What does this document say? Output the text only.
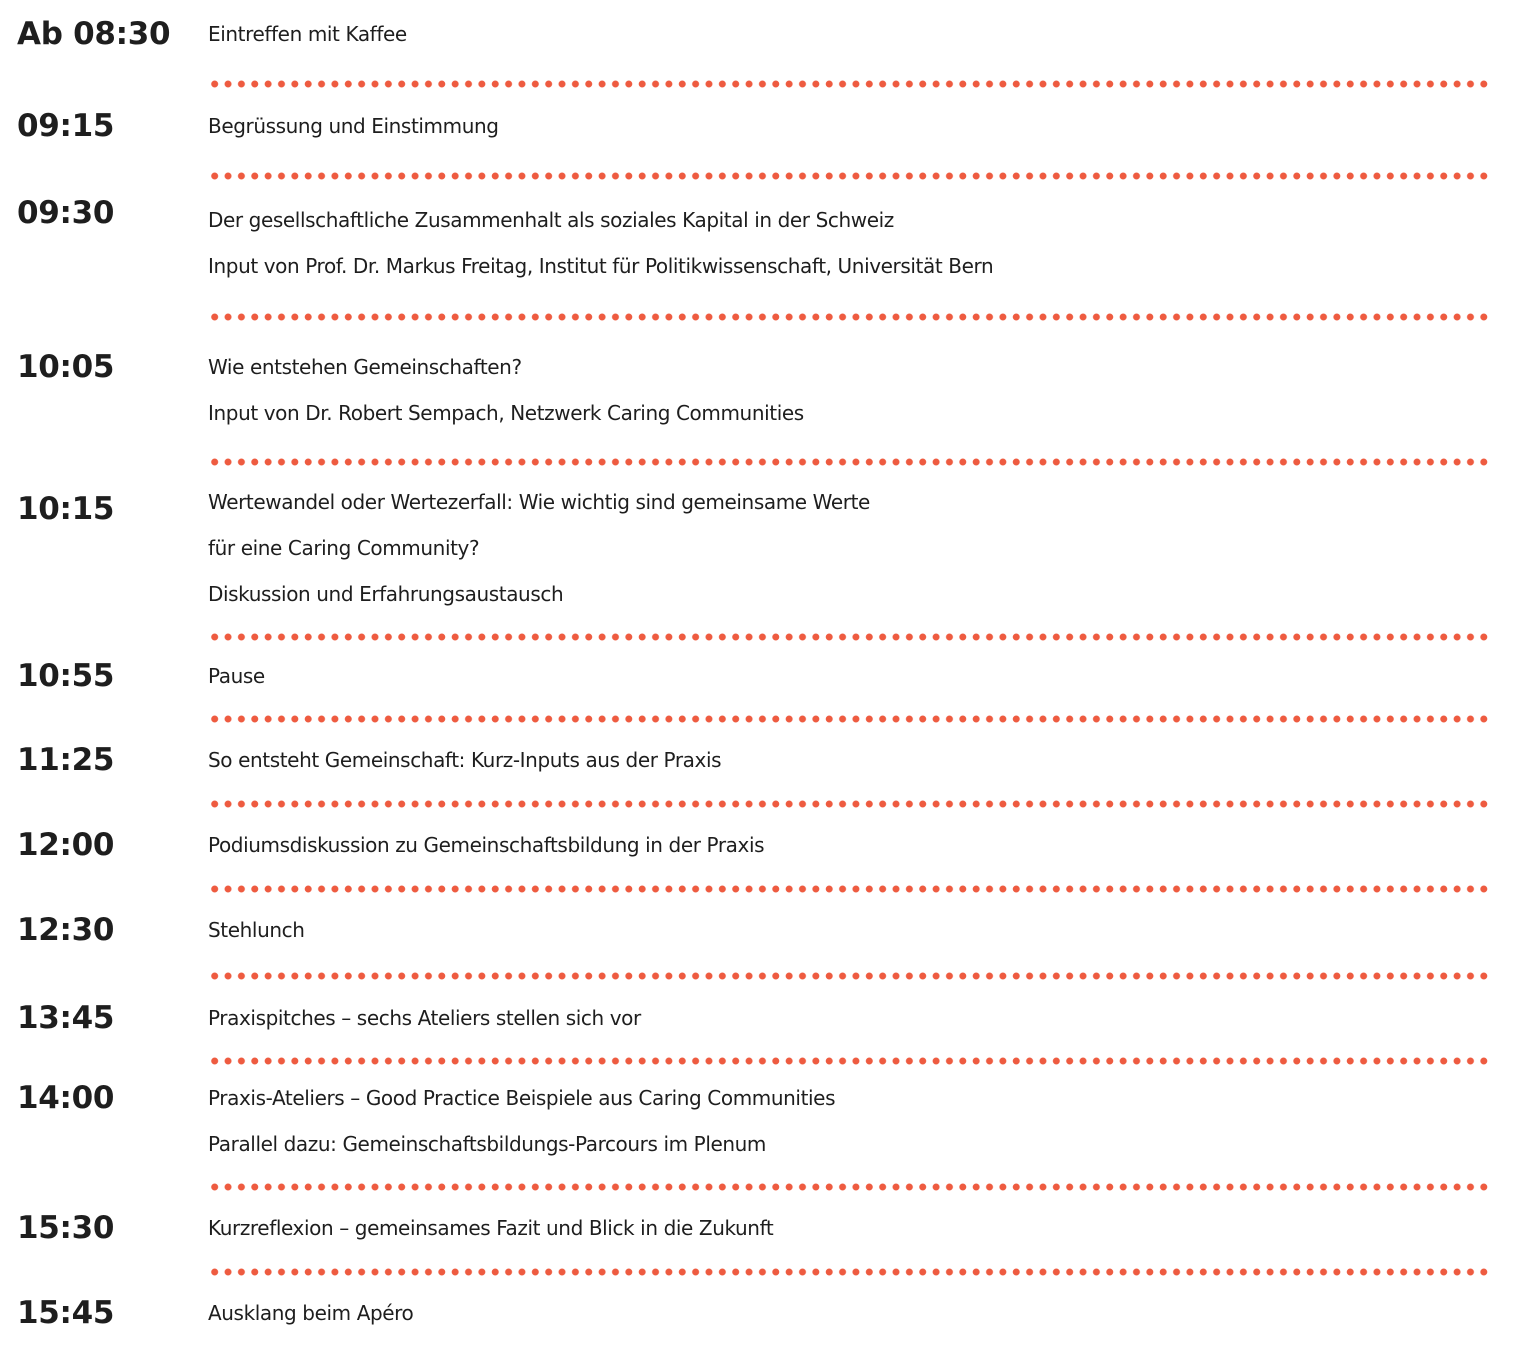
Ab 08:30 Eintreffen mit Kaffee
09:15	Begrüssung und Einstimmung
09:30	Der gesellschaftliche Zusammenhalt als soziales Kapital in der Schweiz
Input von Prof. Dr. Markus Freitag, Institut für Politikwissenschaft, Universität Bern
10:05	Wie entstehen Gemeinschaften?
Input von Dr. Robert Sempach, Netzwerk Caring Communities
10:15	Wertewandel oder Wertezerfall: Wie wichtig sind gemeinsame Werte
für eine Caring Community?
Diskussion und Erfahrungsaustausch
10:55	Pause
11:25	So entsteht Gemeinschaft: Kurz-Inputs aus der Praxis
12:00	Podiumsdiskussion zu Gemeinschaftsbildung in der Praxis
12:30	Stehlunch
13:45	Praxispitches – sechs Ateliers stellen sich vor
14:00	Praxis-Ateliers – Good Practice Beispiele aus Caring Communities
Parallel dazu: Gemeinschaftsbildungs-Parcours im Plenum
15:30	Kurzreflexion – gemeinsames Fazit und Blick in die Zukunft
15:45	Ausklang beim Apéro
